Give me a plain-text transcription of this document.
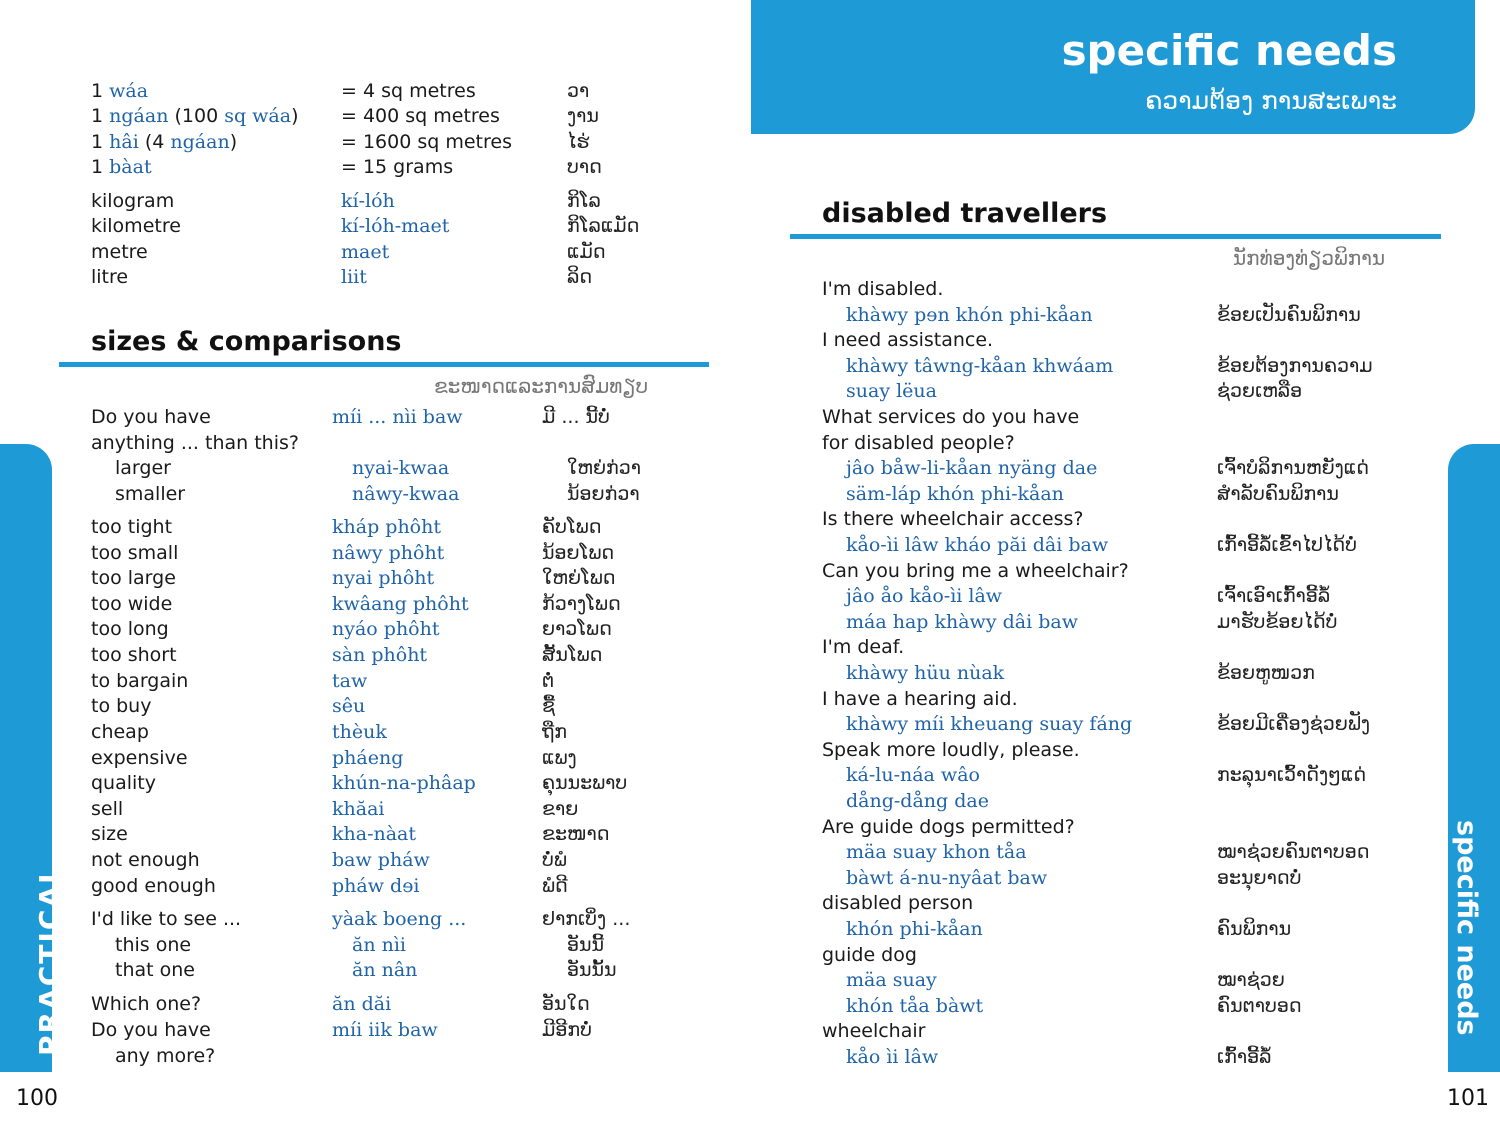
1 wáa	= 4 sq metres	ວາ
1 ngáan (100 sq wáa) = 400 sq metres	ງານ
1 hâi (4 ngáan)	= 1600 sq metres	ໄຮ່
1 bàat	= 15 grams	ບາດ
kilogram	kí-lóh	ກິໂລ
kilometre	kí-lóh-maet	ກິໂລແມັດ
metre	maet	ແມັດ
litre	liit	ລິດ
sizes & comparisons
ຂະໜາດແລະການສົມທຽບ
Do you have	míi ... nìi baw	ມີ ... ນີ້ບໍ່
anything ... than this?
larger	nyai-kwaa	ໃຫຍ່ກ່ວາ
smaller	nâwy-kwaa	ນ້ອຍກ່ວາ
too tight	kháp phôht	ຄັບໂພດ
too small	nâwy phôht	ນ້ອຍໂພດ
too large	nyai phôht	ໃຫຍ່ໂພດ
too wide	kwâang phôht	ກ້ວາງໂພດ
too long	nyáo phôht	ຍາວໂພດ
too short	sàn phôht	ສັ້ນໂພດ
to bargain	taw	ຕໍ່
to buy	sêu	ຊື້
cheap	thèuk	ຖືກ
expensive	pháeng	ແພງ
quality	khún-na-phâap	ຄຸນນະພາບ
sell	khăai	ຂາຍ
size	kha-nàat	ຂະໜາດ
not enough	baw pháw	ບໍ່ພໍ
good enough	pháw dɘi	ພໍດີ
I'd like to see ...	yàak boeng ...	ຢາກເບິ່ງ ...
this one	ăn nìi	ອັນນີ້
that one	ăn nân	ອັນນັ້ນ
Which one?	ăn dăi	ອັນໃດ
Do you have	míi iik baw	ມີອີກບໍ່
any more?
PRACTICAL
100
specific needs
ຄວາມຕ້ອງ ການສະເພາະ
disabled travellers
ນັກທ່ອງທ່ຽວພິການ
I'm disabled.
khàwy pɘn khón phi-kåan	ຂ້ອຍເປັນຄົນພິການ
I need assistance.
khàwy tâwng-kåan khwáam	ຂ້ອຍຕ້ອງການຄວາມ
suay lëua	ຊ່ວຍເຫລືອ
What services do you have
for disabled people?
jâo båw-li-kåan nyäng dae	ເຈົ້າບໍລິການຫຍັງແດ່
säm-láp khón phi-kåan	ສຳລັບຄົນພິການ
Is there wheelchair access?
kåo-ìi lâw kháo păi dâi baw	ເກົ້າອີ້ລໍ້ເຂົ້າໄປໄດ້ບໍ່
Can you bring me a wheelchair?
jâo åo kåo-ìi lâw	ເຈົ້າເອົາເກົ້າອີ້ລໍ້
máa hap khàwy dâi baw	ມາຮັບຂ້ອຍໄດ້ບໍ່
I'm deaf.
khàwy hüu nùak	ຂ້ອຍຫູໜວກ
I have a hearing aid.
khàwy míi kheuang suay fáng	ຂ້ອຍມີເຄື່ອງຊ່ວຍຟັງ
Speak more loudly, please.
ká-lu-náa wâo	ກະລຸນາເວົ້າດັງໆແດ່
dång-dång dae
Are guide dogs permitted?
mäa suay khon tåa	ໝາຊ່ວຍຄົນຕາບອດ
bàwt á-nu-nyâat baw	ອະນຸຍາດບໍ່
disabled person
khón phi-kåan	ຄົນພິການ
guide dog
mäa suay	ໝາຊ່ວຍ
khón tåa bàwt	ຄົນຕາບອດ
wheelchair
kåo ìi lâw	ເກົ້າອີ້ລໍ້
specific needs
101
